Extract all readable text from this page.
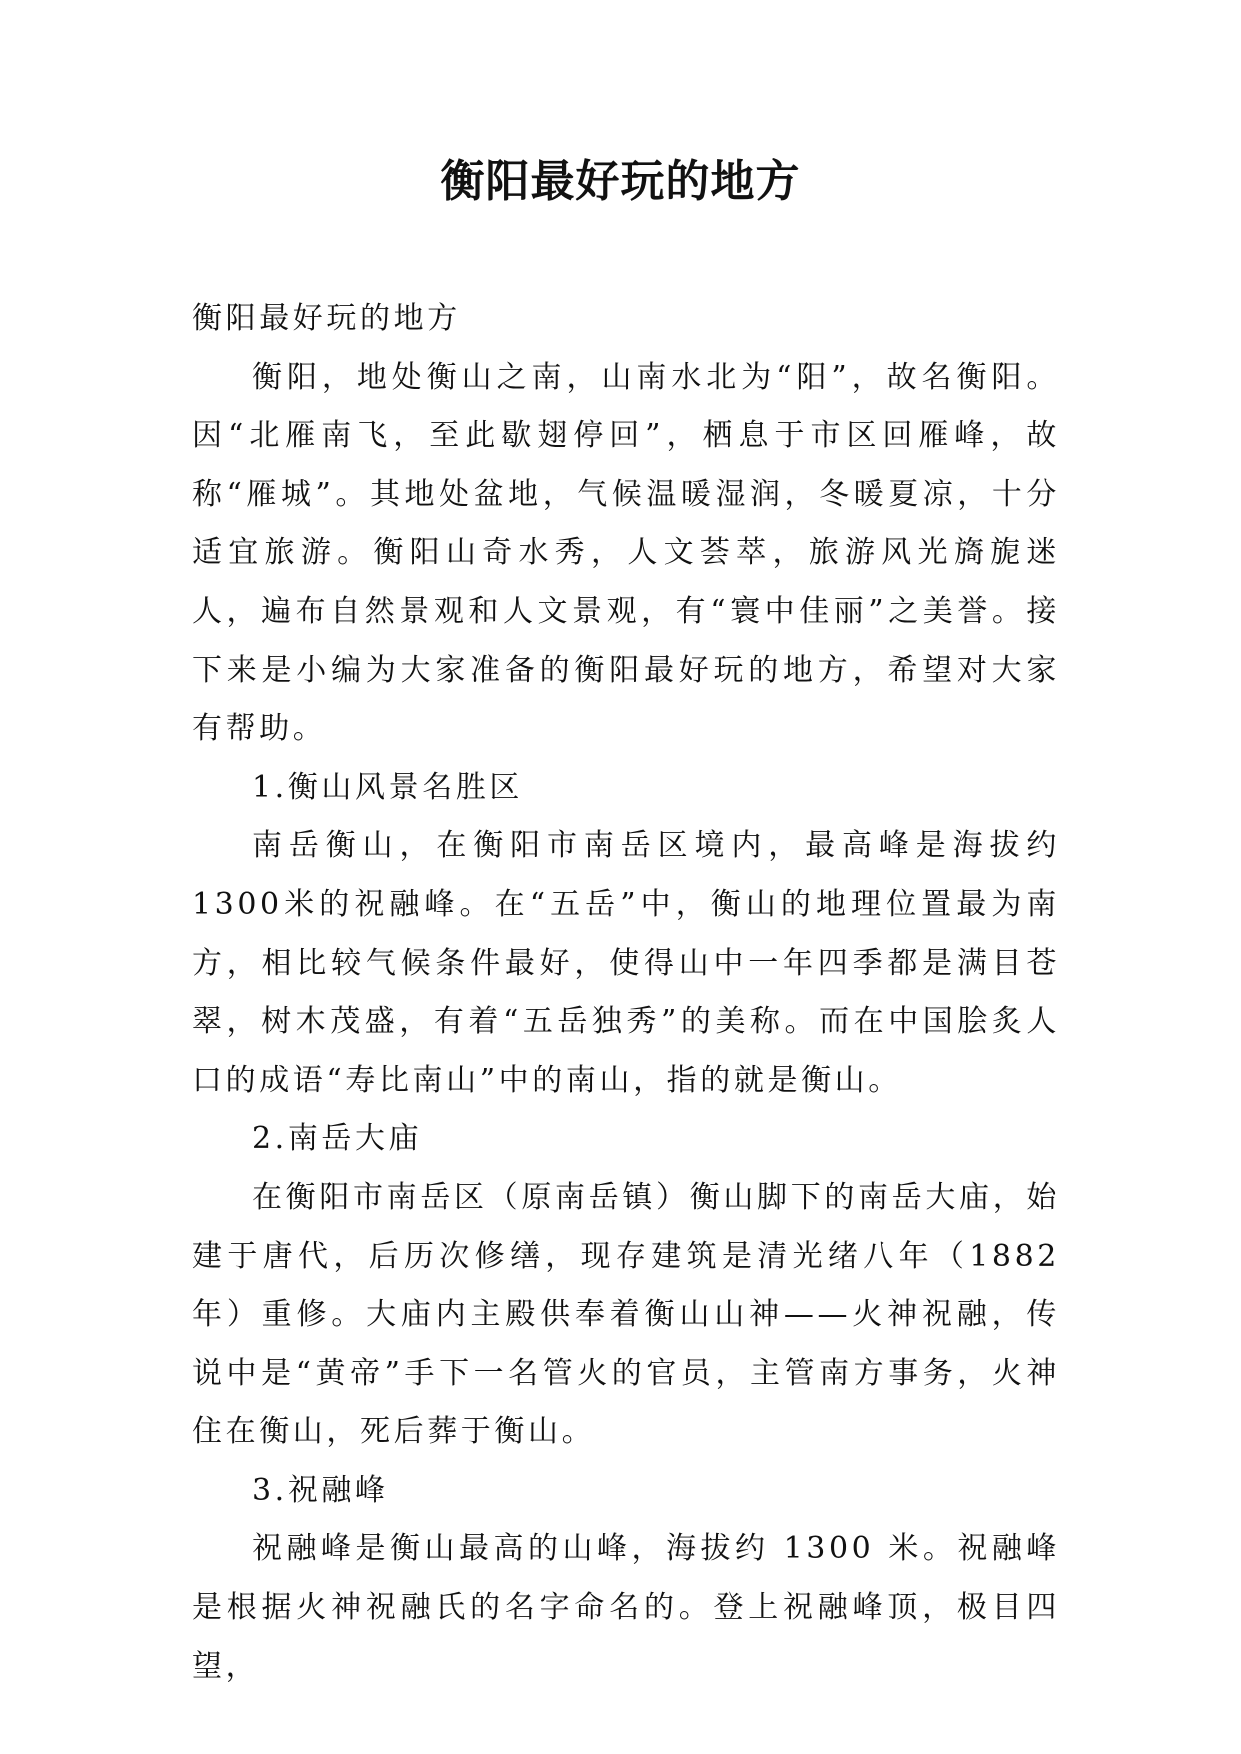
衡阳最好玩的地方

衡阳最好玩的地方

衡阳，地处衡山之南，山南水北为“阳”，故名衡阳。因“北雁南飞，至此歇翅停回”，栖息于市区回雁峰，故称“雁城”。其地处盆地，气候温暖湿润，冬暖夏凉，十分适宜旅游。衡阳山奇水秀，人文荟萃，旅游风光旖旎迷人，遍布自然景观和人文景观，有“寰中佳丽”之美誉。接下来是小编为大家准备的衡阳最好玩的地方，希望对大家有帮助。

1.衡山风景名胜区

南岳衡山，在衡阳市南岳区境内，最高峰是海拔约 1300米的祝融峰。在“五岳”中，衡山的地理位置最为南方，相比较气候条件最好，使得山中一年四季都是满目苍翠，树木茂盛，有着“五岳独秀”的美称。而在中国脍炙人口的成语“寿比南山”中的南山，指的就是衡山。

2.南岳大庙

在衡阳市南岳区（原南岳镇）衡山脚下的南岳大庙，始建于唐代，后历次修缮，现存建筑是清光绪八年（1882 年）重修。大庙内主殿供奉着衡山山神——火神祝融，传说中是“黄帝”手下一名管火的官员，主管南方事务，火神住在衡山，死后葬于衡山。

3.祝融峰

祝融峰是衡山最高的山峰，海拔约 1300 米。祝融峰是根据火神祝融氏的名字命名的。登上祝融峰顶，极目四望，
